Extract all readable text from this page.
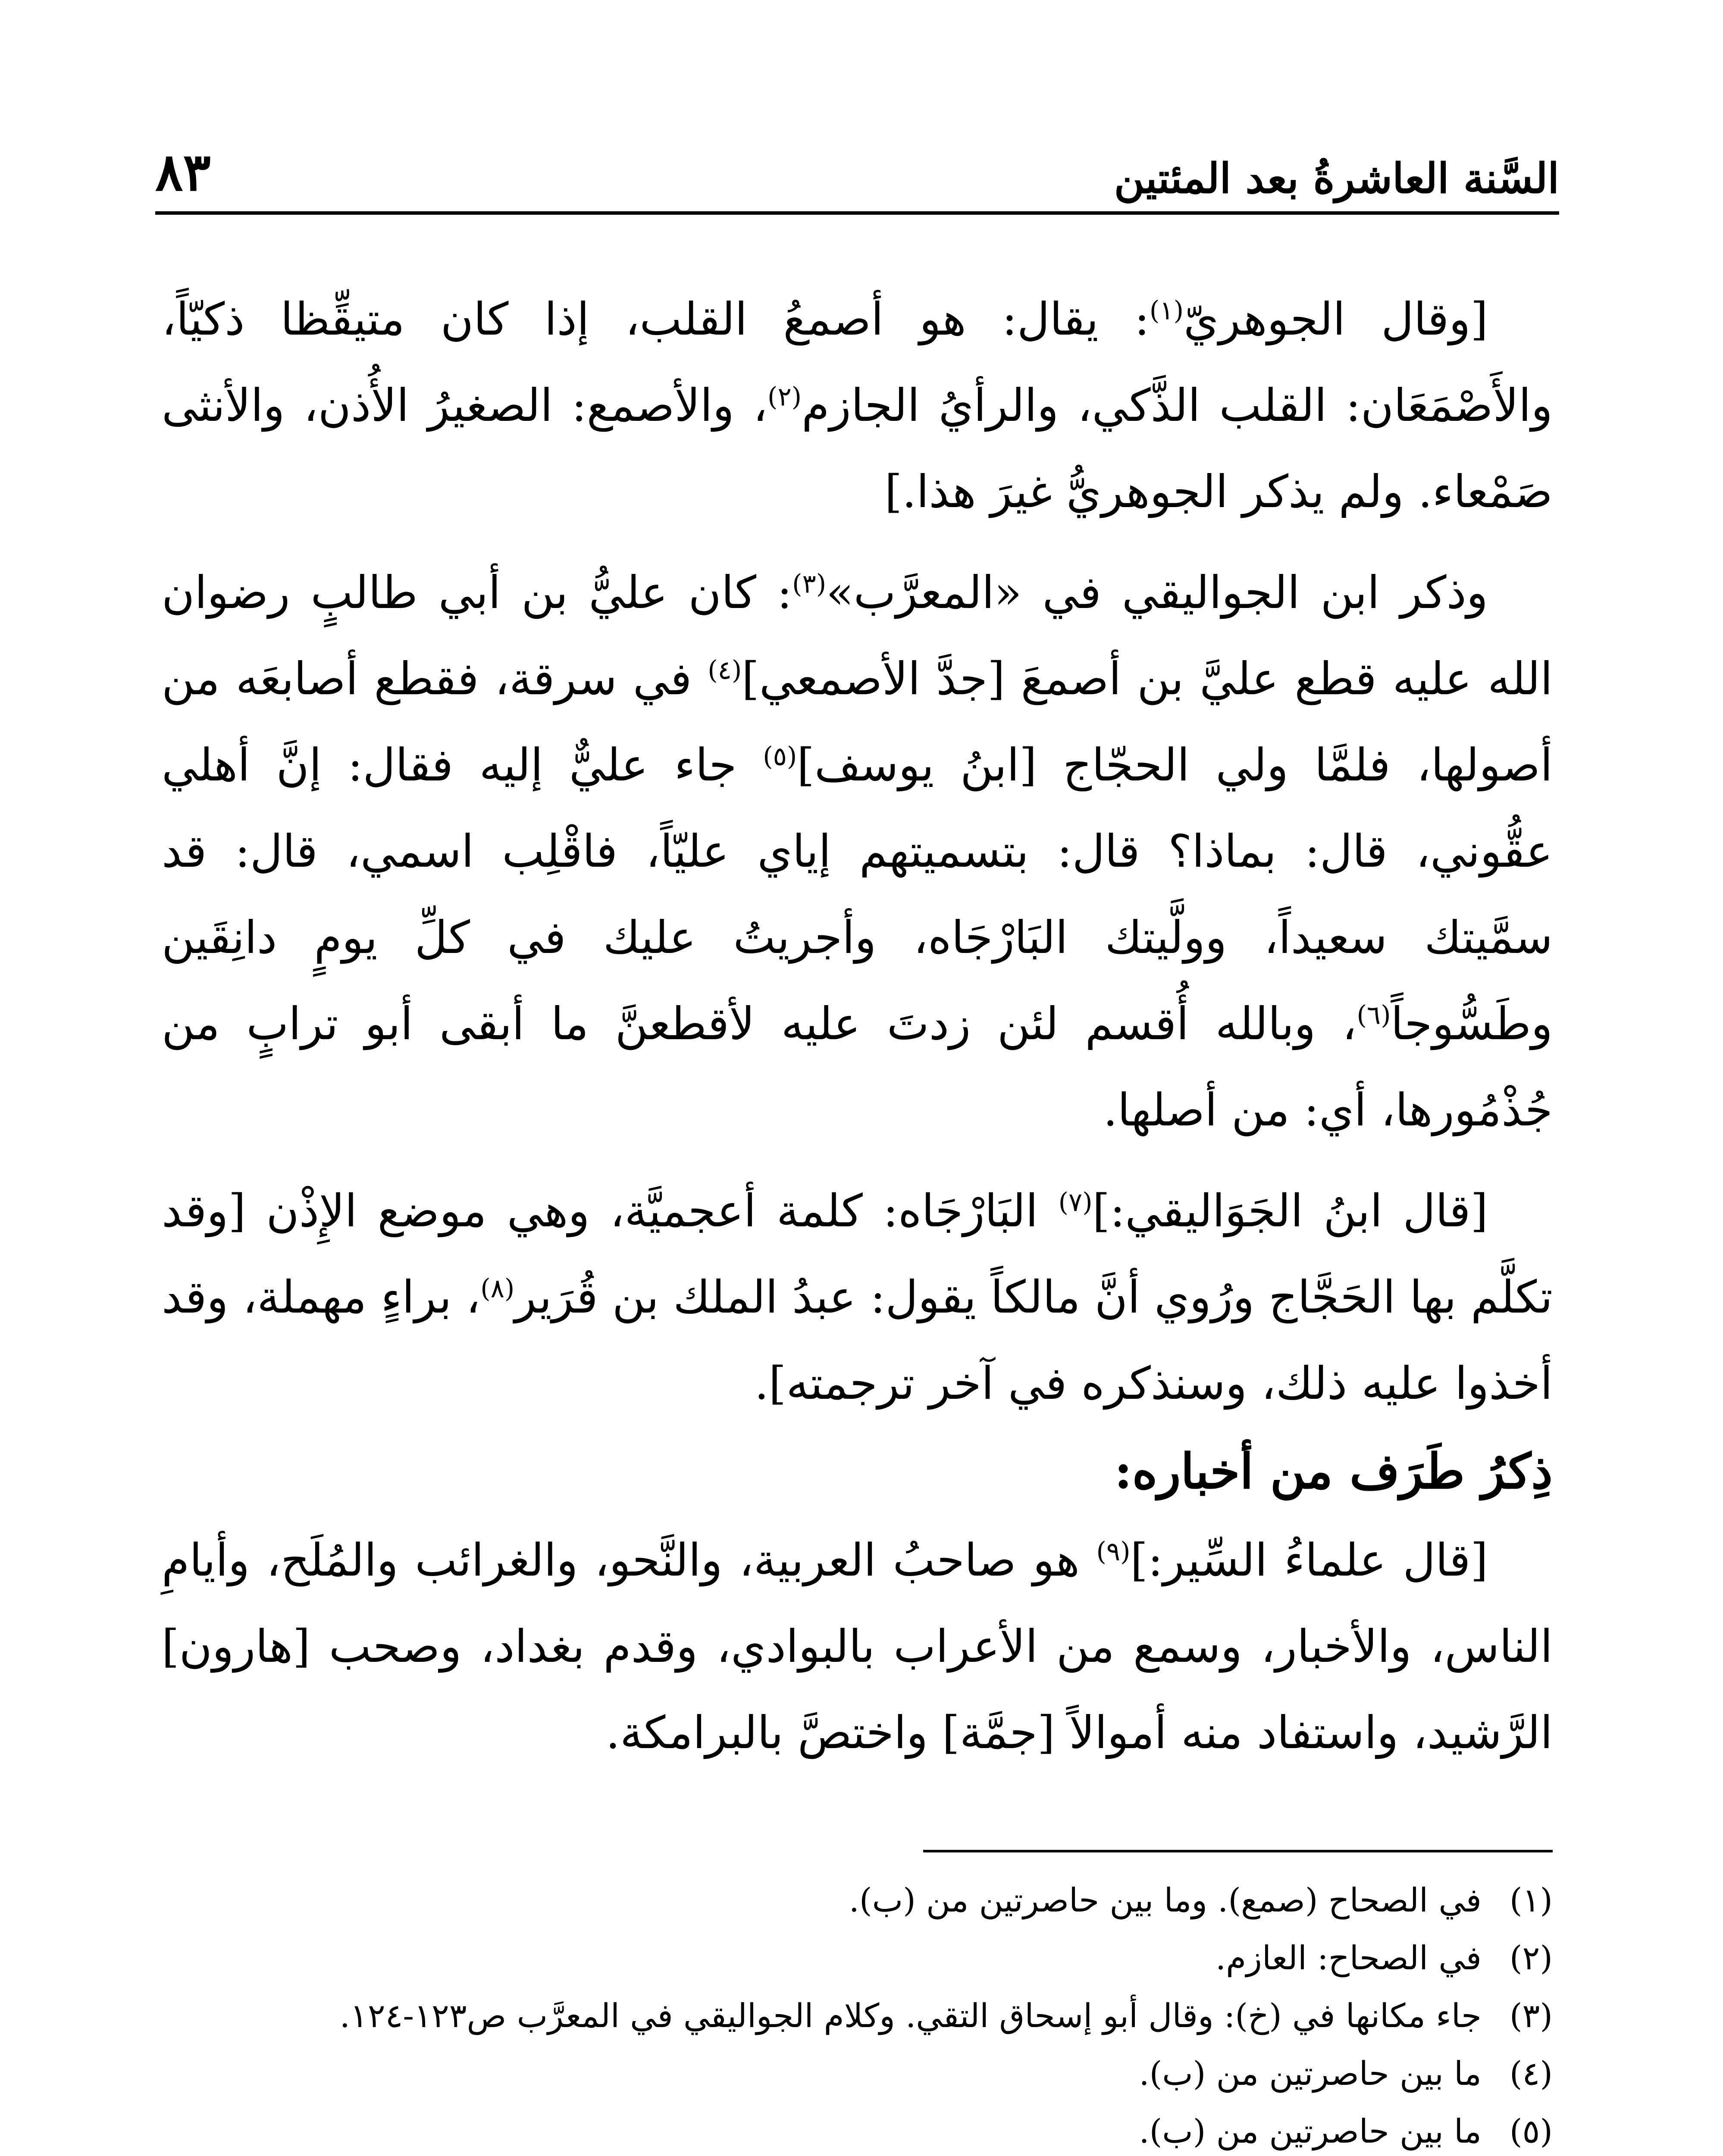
السَّنة العاشرةُ بعد المئتين
٨٣

[وقال الجوهريّ$^{(١)}$: يقال: هو أصمعُ القلب، إذا كان متيقِّظا ذكيّاً، والأَصْمَعَان: القلب الذَّكي، والرأيُ الجازم$^{(٢)}$، والأصمع: الصغيرُ الأُذن، والأنثى صَمْعاء. ولم يذكر الجوهريُّ غيرَ هذا.]

وذكر ابن الجواليقي في «المعرَّب»$^{(٣)}$: كان عليُّ بن أبي طالبٍ رضوان الله عليه قطع عليَّ بن أصمعَ [جدَّ الأصمعي]$^{(٤)}$ في سرقة، فقطع أصابعَه من أصولها، فلمَّا ولي الحجّاج [ابنُ يوسف]$^{(٥)}$ جاء عليٌّ إليه فقال: إنَّ أهلي عقُّوني، قال: بماذا؟ قال: بتسميتهم إياي عليّاً، فاقْلِب اسمي، قال: قد سمَّيتك سعيداً، وولَّيتك البَارْجَاه، وأجريتُ عليك في كلِّ يومٍ دانِقَين وطَسُّوجاً$^{(٦)}$، وبالله أُقسم لئن زدتَ عليه لأقطعنَّ ما أبقى أبو ترابٍ من جُذْمُورها، أي: من أصلها.

[قال ابنُ الجَوَاليقي:]$^{(٧)}$ البَارْجَاه: كلمة أعجميَّة، وهي موضع الإِذْن [وقد تكلَّم بها الحَجَّاج ورُوي أنَّ مالكاً يقول: عبدُ الملك بن قُرَير$^{(٨)}$، براءٍ مهملة، وقد أخذوا عليه ذلك، وسنذكره في آخر ترجمته].

ذِكرُ طَرَف من أخباره:

[قال علماءُ السِّير:]$^{(٩)}$ هو صاحبُ العربية، والنَّحو، والغرائب والمُلَح، وأيامِ الناس، والأخبار، وسمع من الأعراب بالبوادي، وقدم بغداد، وصحب [هارون] الرَّشيد، واستفاد منه أموالاً [جمَّة] واختصَّ بالبرامكة.

(١)
في الصحاح (صمع). وما بين حاصرتين من (ب).
(٢)
في الصحاح: العازم.
(٣)
جاء مكانها في (خ): وقال أبو إسحاق التقي. وكلام الجواليقي في المعرَّب ص١٢٣-١٢٤.
(٤)
ما بين حاصرتين من (ب).
(٥)
ما بين حاصرتين من (ب).
